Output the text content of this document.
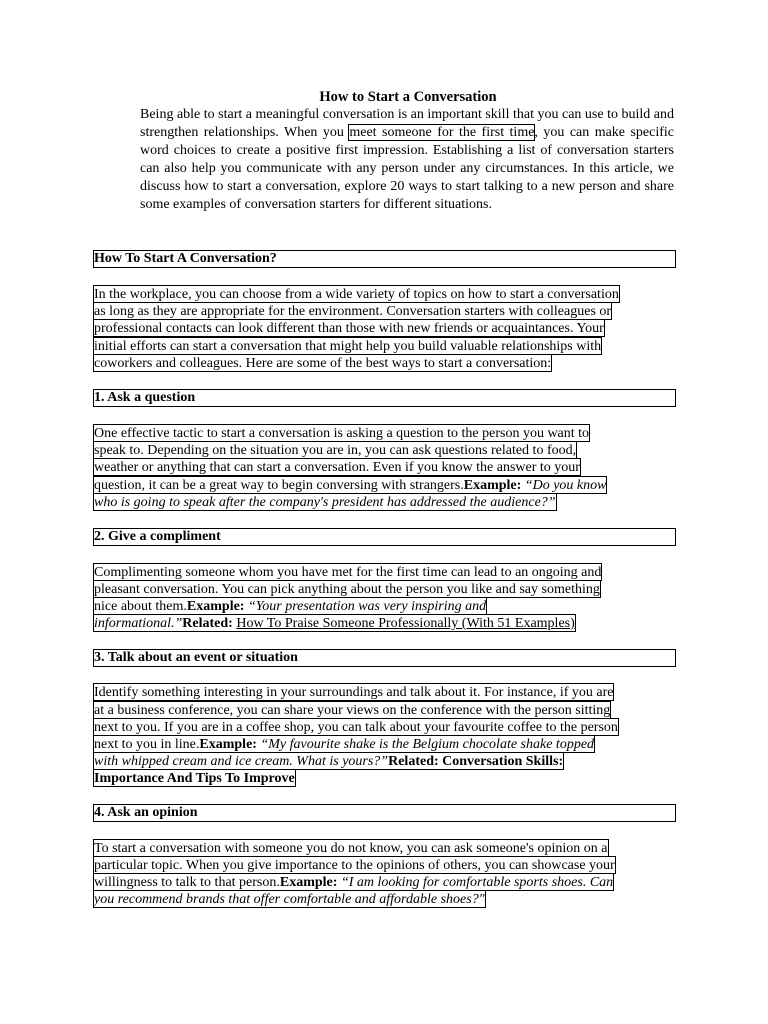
How to Start a Conversation
Being able to start a meaningful conversation is an important skill that you can use to build and strengthen relationships. When you meet someone for the first time, you can make specific word choices to create a positive first impression. Establishing a list of conversation starters can also help you communicate with any person under any circumstances. In this article, we discuss how to start a conversation, explore 20 ways to start talking to a new person and share some examples of conversation starters for different situations.
How To Start A Conversation?
In the workplace, you can choose from a wide variety of topics on how to start a conversation
as long as they are appropriate for the environment. Conversation starters with colleagues or
professional contacts can look different than those with new friends or acquaintances. Your
initial efforts can start a conversation that might help you build valuable relationships with
coworkers and colleagues. Here are some of the best ways to start a conversation:
1. Ask a question
One effective tactic to start a conversation is asking a question to the person you want to
speak to. Depending on the situation you are in, you can ask questions related to food,
weather or anything that can start a conversation. Even if you know the answer to your
question, it can be a great way to begin conversing with strangers.Example: “Do you know
who is going to speak after the company's president has addressed the audience?”
2. Give a compliment
Complimenting someone whom you have met for the first time can lead to an ongoing and
pleasant conversation. You can pick anything about the person you like and say something
nice about them.Example: “Your presentation was very inspiring and
informational.”Related: How To Praise Someone Professionally (With 51 Examples)
3. Talk about an event or situation
Identify something interesting in your surroundings and talk about it. For instance, if you are
at a business conference, you can share your views on the conference with the person sitting
next to you. If you are in a coffee shop, you can talk about your favourite coffee to the person
next to you in line.Example: “My favourite shake is the Belgium chocolate shake topped
with whipped cream and ice cream. What is yours?”Related: Conversation Skills:
Importance And Tips To Improve
4. Ask an opinion
To start a conversation with someone you do not know, you can ask someone's opinion on a
particular topic. When you give importance to the opinions of others, you can showcase your
willingness to talk to that person.Example: “I am looking for comfortable sports shoes. Can
you recommend brands that offer comfortable and affordable shoes?"
